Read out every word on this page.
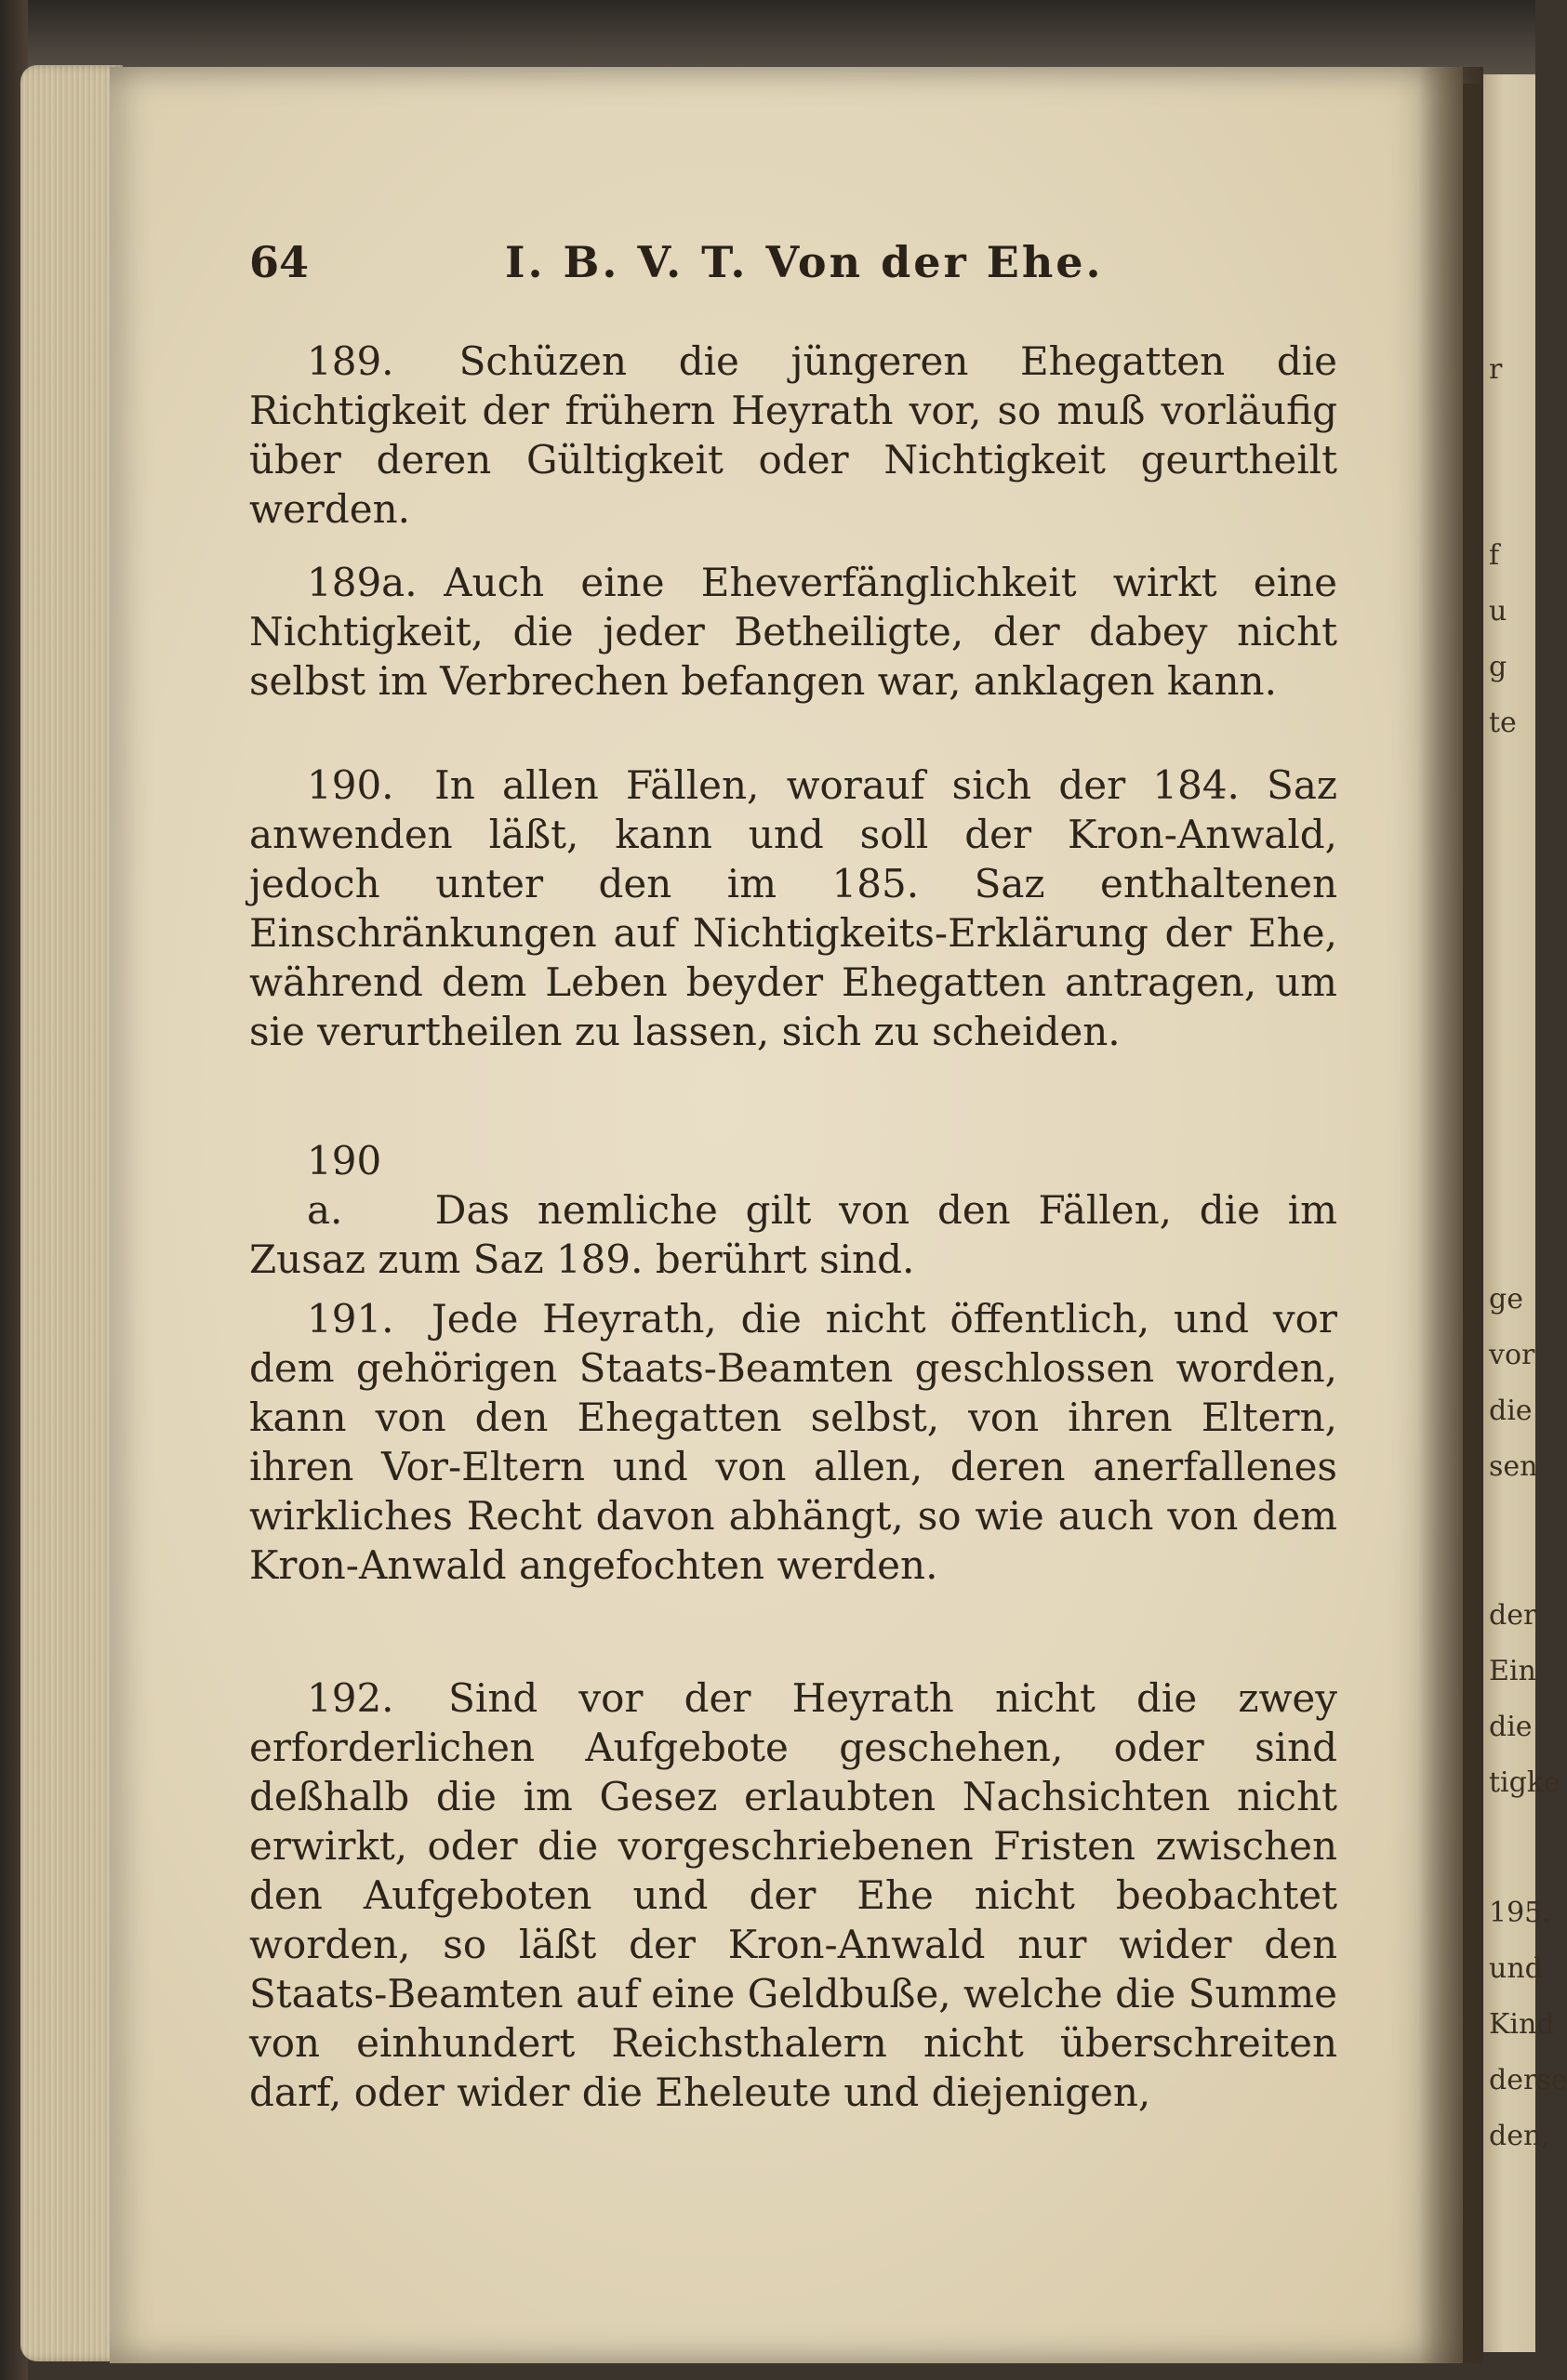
r
f
u
g
te
ge
vor
die
sen
der
Ein
die
tigke
195.
und
Kind
derse
den,
64	I. B. V. T. Von der Ehe.
189. Schüzen die jüngeren Ehegatten die Richtigkeit der frühern Heyrath vor, so muß vorläufig über deren Gültigkeit oder Nichtigkeit geurtheilt werden.
189a. Auch eine Eheverfänglichkeit wirkt eine Nichtigkeit, die jeder Betheiligte, der dabey nicht selbst im Verbrechen befangen war, anklagen kann.
190. In allen Fällen, worauf sich der 184. Saz anwenden läßt, kann und soll der Kron-Anwald, jedoch unter den im 185. Saz enthaltenen Einschränkungen auf Nichtigkeits-Erklärung der Ehe, während dem Leben beyder Ehegatten antragen, um sie verurtheilen zu lassen, sich zu scheiden.
190 a. Das nemliche gilt von den Fällen, die im Zusaz zum Saz 189. berührt sind.
191. Jede Heyrath, die nicht öffentlich, und vor dem gehörigen Staats-Beamten geschlossen worden, kann von den Ehegatten selbst, von ihren Eltern, ihren Vor-Eltern und von allen, deren anerfallenes wirkliches Recht davon abhängt, so wie auch von dem Kron-Anwald angefochten werden.
192. Sind vor der Heyrath nicht die zwey erforderlichen Aufgebote geschehen, oder sind deßhalb die im Gesez erlaubten Nachsichten nicht erwirkt, oder die vorgeschriebenen Fristen zwischen den Aufgeboten und der Ehe nicht beobachtet worden, so läßt der Kron-Anwald nur wider den Staats-Beamten auf eine Geldbuße, welche die Summe von einhundert Reichsthalern nicht überschreiten darf, oder wider die Eheleute und diejenigen,
